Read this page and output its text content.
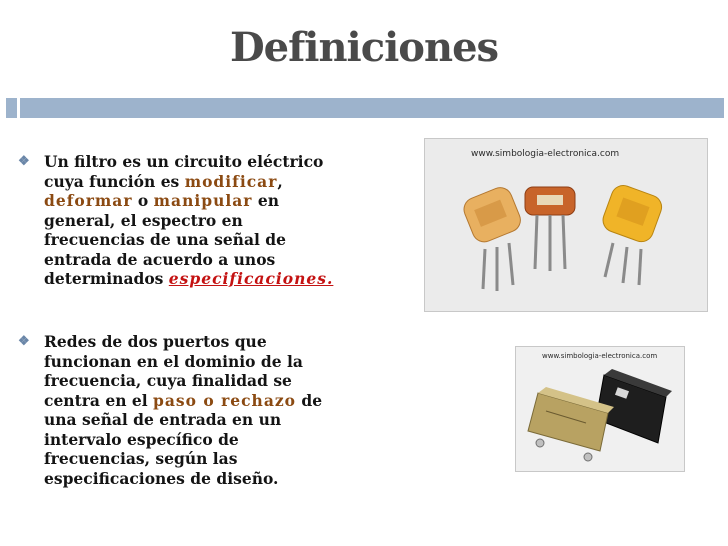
Definiciones
❖ Un filtro es un circuito eléctrico cuya función es modificar, deformar o manipular en general, el espectro en frecuencias de una señal de entrada de acuerdo a unos determinados especificaciones.
❖ Redes de dos puertos que funcionan en el dominio de la frecuencia, cuya finalidad se centra en el paso o rechazo de una señal de entrada en un intervalo específico de frecuencias, según las especificaciones de diseño.
www.simbologia-electronica.com
www.simbologia-electronica.com
